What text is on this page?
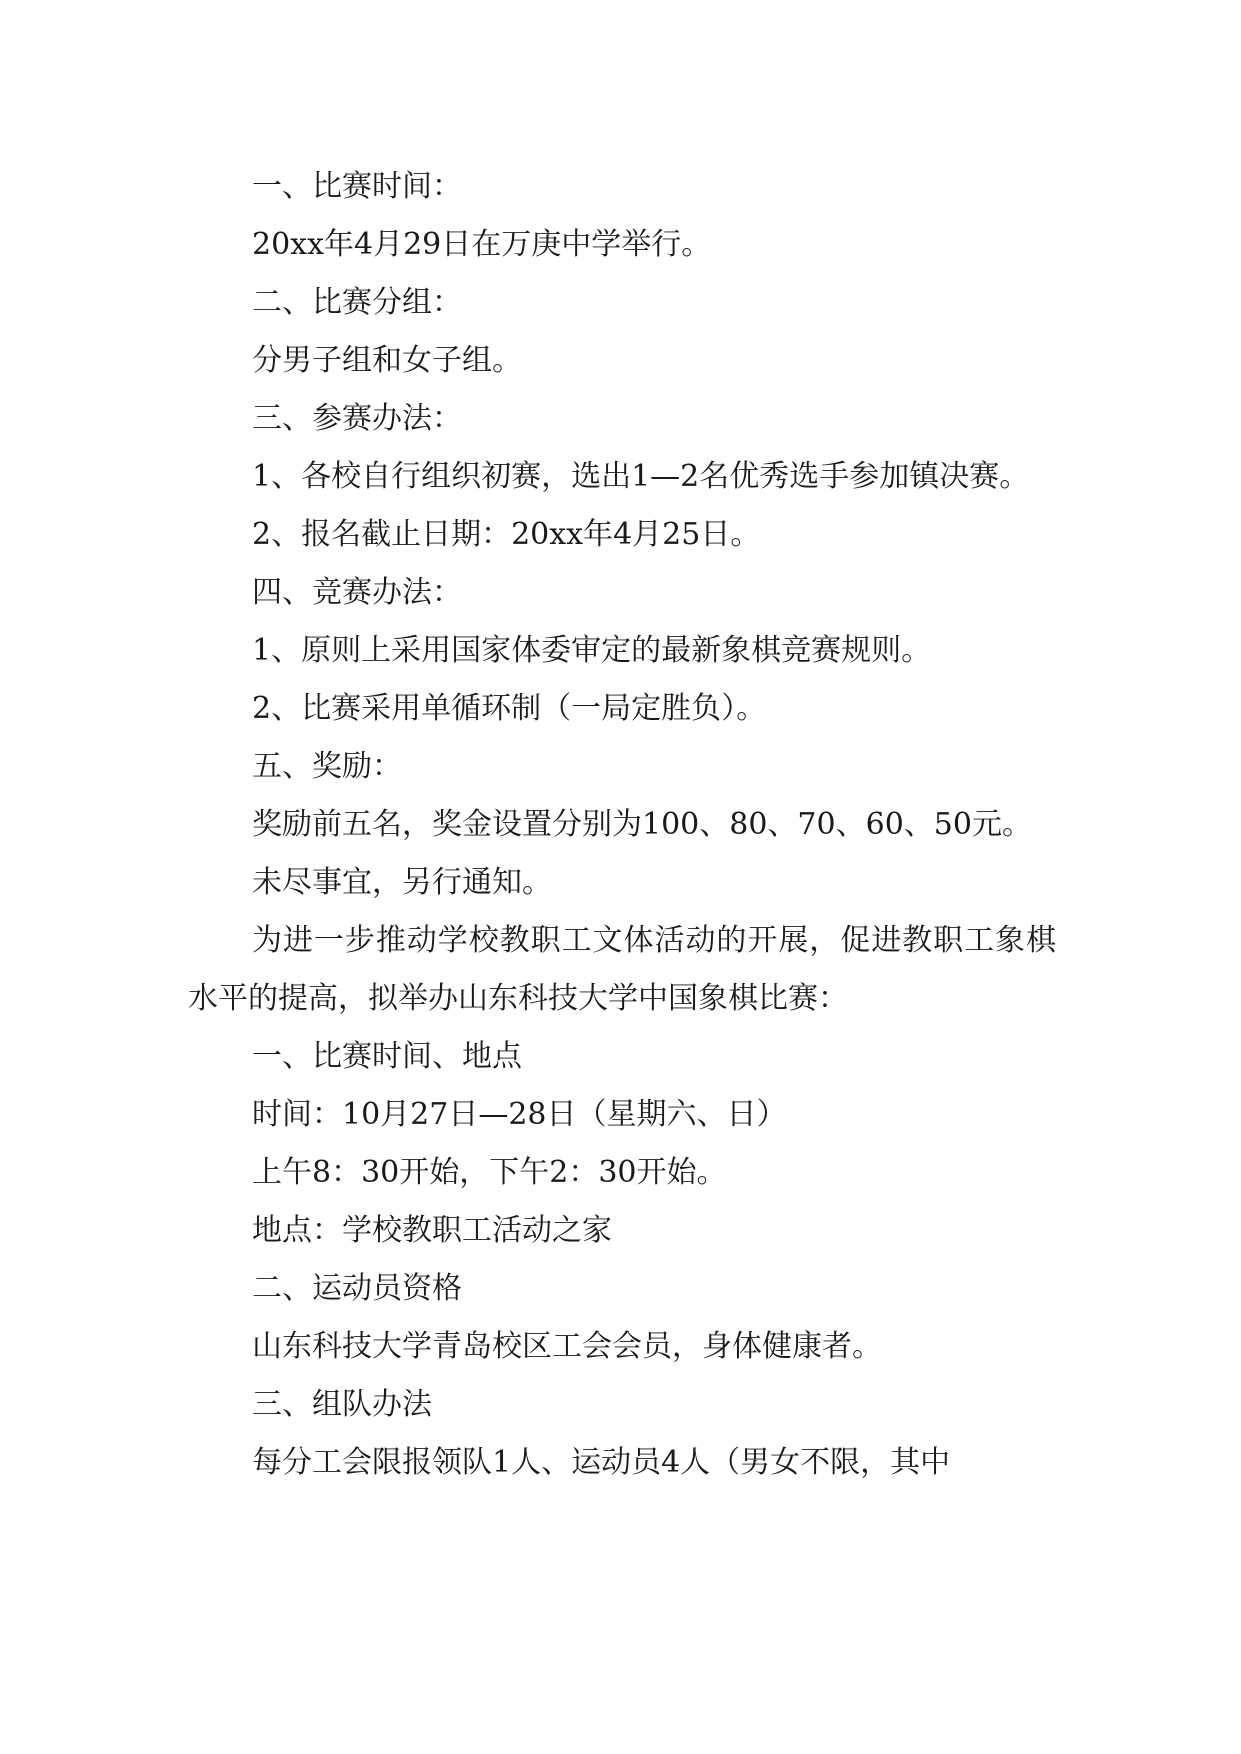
一、比赛时间：

20xx年4月29日在万庚中学举行。

二、比赛分组：

分男子组和女子组。

三、参赛办法：

1、各校自行组织初赛，选出1—2名优秀选手参加镇决赛。

2、报名截止日期：20xx年4月25日。

四、竞赛办法：

1、原则上采用国家体委审定的最新象棋竞赛规则。

2、比赛采用单循环制（一局定胜负）。

五、奖励：

奖励前五名，奖金设置分别为100、80、70、60、50元。

未尽事宜，另行通知。

为进一步推动学校教职工文体活动的开展，促进教职工象棋水平的提高，拟举办山东科技大学中国象棋比赛：

一、比赛时间、地点

时间：10月27日—28日（星期六、日）

上午8：30开始，下午2：30开始。

地点：学校教职工活动之家

二、运动员资格

山东科技大学青岛校区工会会员，身体健康者。

三、组队办法

每分工会限报领队1人、运动员4人（男女不限，其中
